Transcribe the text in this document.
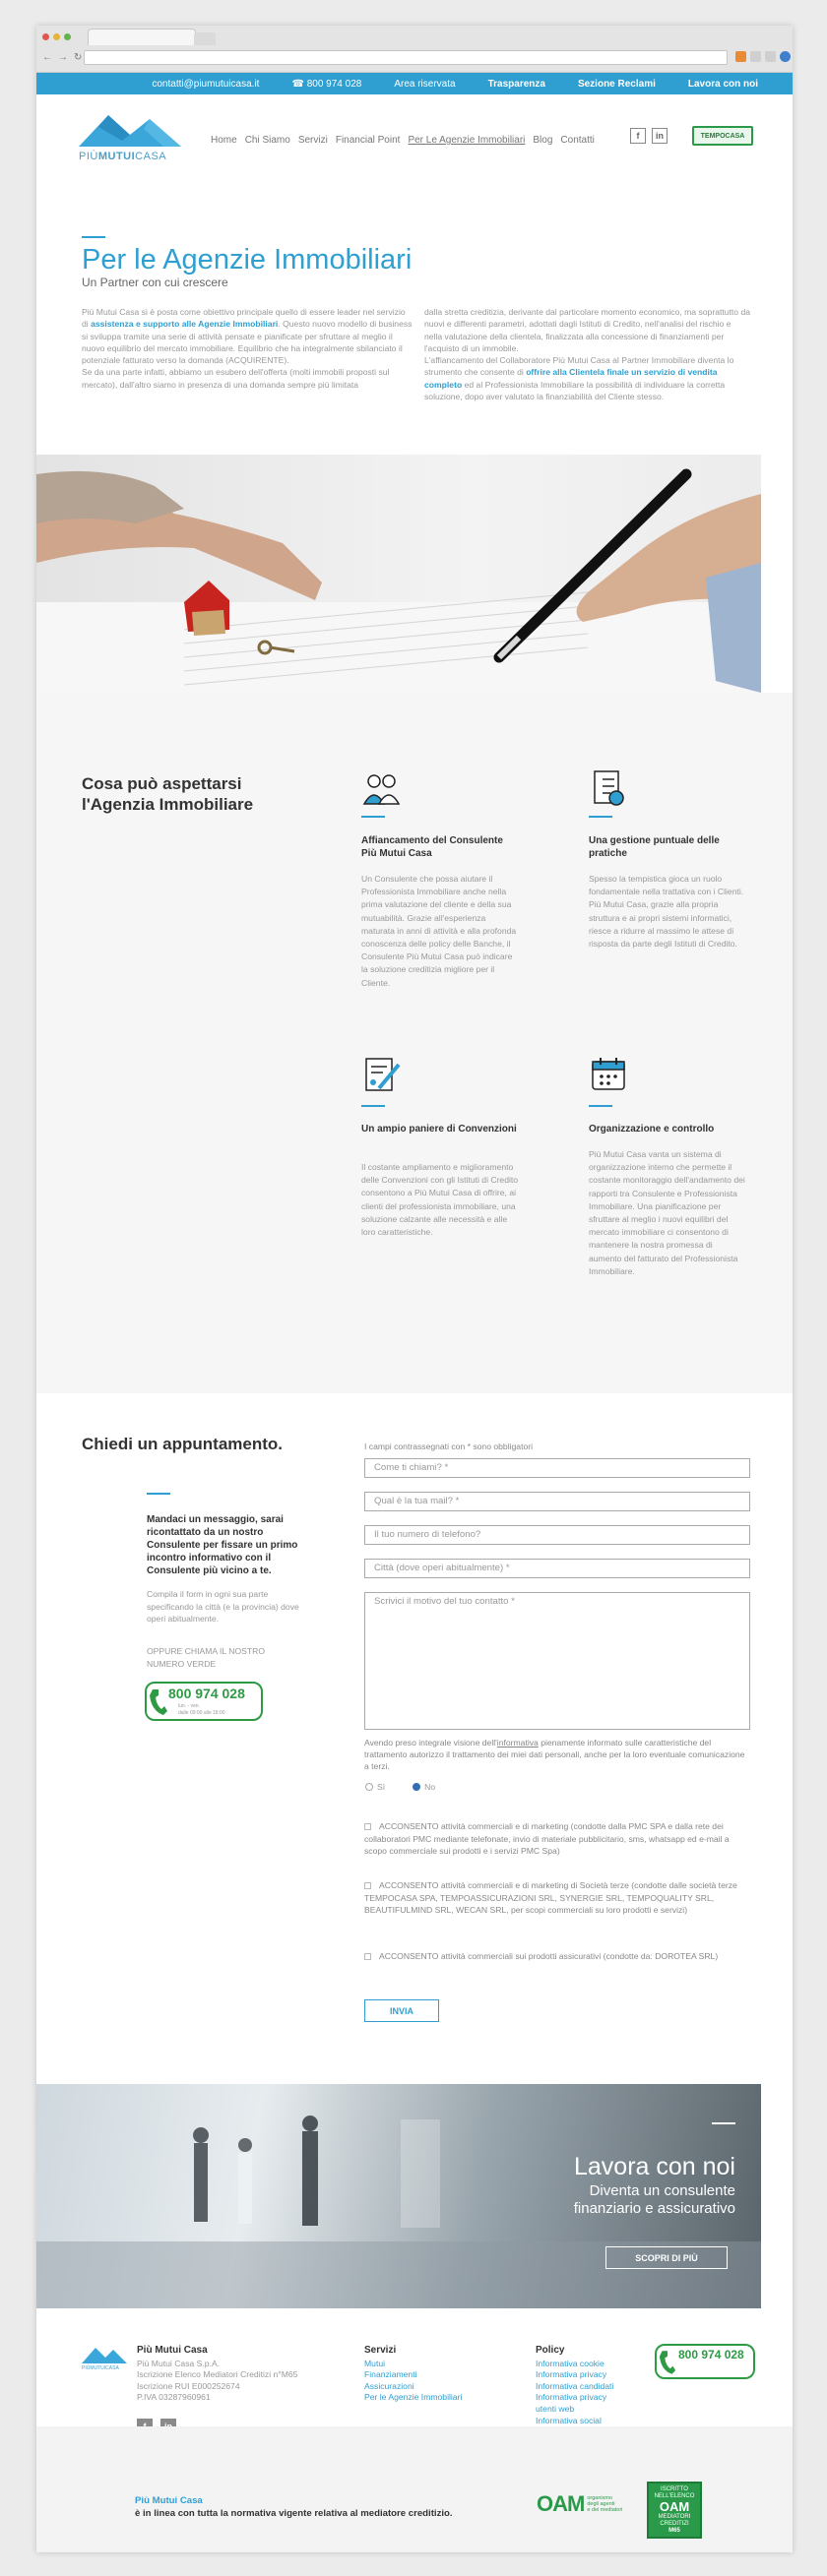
← → ↻
contatti@piumutuicasa.it	☎ 800 974 028	Area riservata	Trasparenza	Sezione Reclami	Lavora con noi
PIÙMUTUICASA
Home Chi Siamo Servizi Financial Point Per Le Agenzie Immobiliari Blog Contatti	f	in	TEMPOCASA
Per le Agenzie Immobiliari
Un Partner con cui crescere

Più Mutui Casa si è posta come obiettivo principale quello di essere leader nel servizio di assistenza e supporto alle Agenzie Immobiliari. Questo nuovo modello di business si sviluppa tramite una serie di attività pensate e pianificate per sfruttare al meglio il nuovo equilibrio del mercato immobiliare. Equilibrio che ha integralmente sbilanciato il potenziale fatturato verso la domanda (ACQUIRENTE).

Se da una parte infatti, abbiamo un esubero dell'offerta (molti immobili proposti sul mercato), dall'altro siamo in presenza di una domanda sempre più limitata

dalla stretta creditizia, derivante dal particolare momento economico, ma soprattutto da nuovi e differenti parametri, adottati dagli Istituti di Credito, nell'analisi del rischio e nella valutazione della clientela, finalizzata alla concessione di finanziamenti per l'acquisto di un immobile.

L'affiancamento del Collaboratore Più Mutui Casa al Partner Immobiliare diventa lo strumento che consente di offrire alla Clientela finale un servizio di vendita completo ed al Professionista Immobiliare la possibilità di individuare la corretta soluzione, dopo aver valutato la finanziabilità del Cliente stesso.

Cosa può aspettarsi l'Agenzia Immobiliare
Affiancamento del Consulente Più Mutui Casa
Un Consulente che possa aiutare il Professionista Immobiliare anche nella prima valutazione del cliente e della sua mutuabilità. Grazie all'esperienza maturata in anni di attività e alla profonda conoscenza delle policy delle Banche, il Consulente Più Mutui Casa può indicare la soluzione creditizia migliore per il Cliente.
Una gestione puntuale delle pratiche
Spesso la tempistica gioca un ruolo fondamentale nella trattativa con i Clienti. Più Mutui Casa, grazie alla propria struttura e ai propri sistemi informatici, riesce a ridurre al massimo le attese di risposta da parte degli Istituti di Credito.
Un ampio paniere di Convenzioni
Il costante ampliamento e miglioramento delle Convenzioni con gli Istituti di Credito consentono a Più Mutui Casa di offrire, ai clienti del professionista immobiliare, una soluzione calzante alle necessità e alle loro caratteristiche.
Organizzazione e controllo
Più Mutui Casa vanta un sistema di organizzazione interno che permette il costante monitoraggio dell'andamento dei rapporti tra Consulente e Professionista Immobiliare. Una pianificazione per sfruttare al meglio i nuovi equilibri del mercato immobiliare ci consentono di mantenere la nostra promessa di aumento del fatturato del Professionista Immobiliare.
Chiedi un appuntamento.
Mandaci un messaggio, sarai ricontattato da un nostro Consulente per fissare un primo incontro informativo con il Consulente più vicino a te.
Compila il form in ogni sua parte specificando la città (e la provincia) dove operi abitualmente.
OPPURE CHIAMA IL NOSTRO NUMERO VERDE
800 974 028
lun. - ven.
dalle 09:00 alle 18:00
I campi contrassegnati con * sono obbligatori
Come ti chiami? *
Qual è la tua mail? *
Il tuo numero di telefono?
Città (dove operi abitualmente) *
Scrivici il motivo del tuo contatto *
Avendo preso integrale visione dell'informativa pienamente informato sulle caratteristiche del trattamento autorizzo il trattamento dei miei dati personali, anche per la loro eventuale comunicazione a terzi.
Sì	No
ACCONSENTO attività commerciali e di marketing (condotte dalla PMC SPA e dalla rete dei collaboratori PMC mediante telefonate, invio di materiale pubblicitario, sms, whatsapp ed e-mail a scopo commerciale sui prodotti e i servizi PMC Spa)
ACCONSENTO attività commerciali e di marketing di Società terze (condotte dalle società terze TEMPOCASA SPA, TEMPOASSICURAZIONI SRL, SYNERGIE SRL, TEMPOQUALITY SRL, BEAUTIFULMIND SRL, WECAN SRL, per scopi commerciali su loro prodotti e servizi)
ACCONSENTO attività commerciali sui prodotti assicurativi (condotte da: DOROTEA SRL)
INVIA
Lavora con noi
Diventa un consulente finanziario e assicurativo
SCOPRI DI PIÙ
PIÙMUTUICASA
Più Mutui Casa
Più Mutui Casa S.p.A.
Iscrizione Elenco Mediatori Creditizi n°M65
Iscrizione RUI E000252674
P.IVA 03287960961
Servizi
Mutui
Finanziamenti
Assicurazioni
Per le Agenzie Immobiliari
Policy
Informativa cookie
Informativa privacy
Informativa candidati
Informativa privacy utenti web
Informativa social
800 974 028
Più Mutui Casa
è in linea con tutta la normativa vigente relativa al mediatore creditizio.	OAM organismo
degli agenti
e dei mediatori
ISCRITTO NELL'ELENCO
OAM
MEDIATORI
CREDITIZI
M65
